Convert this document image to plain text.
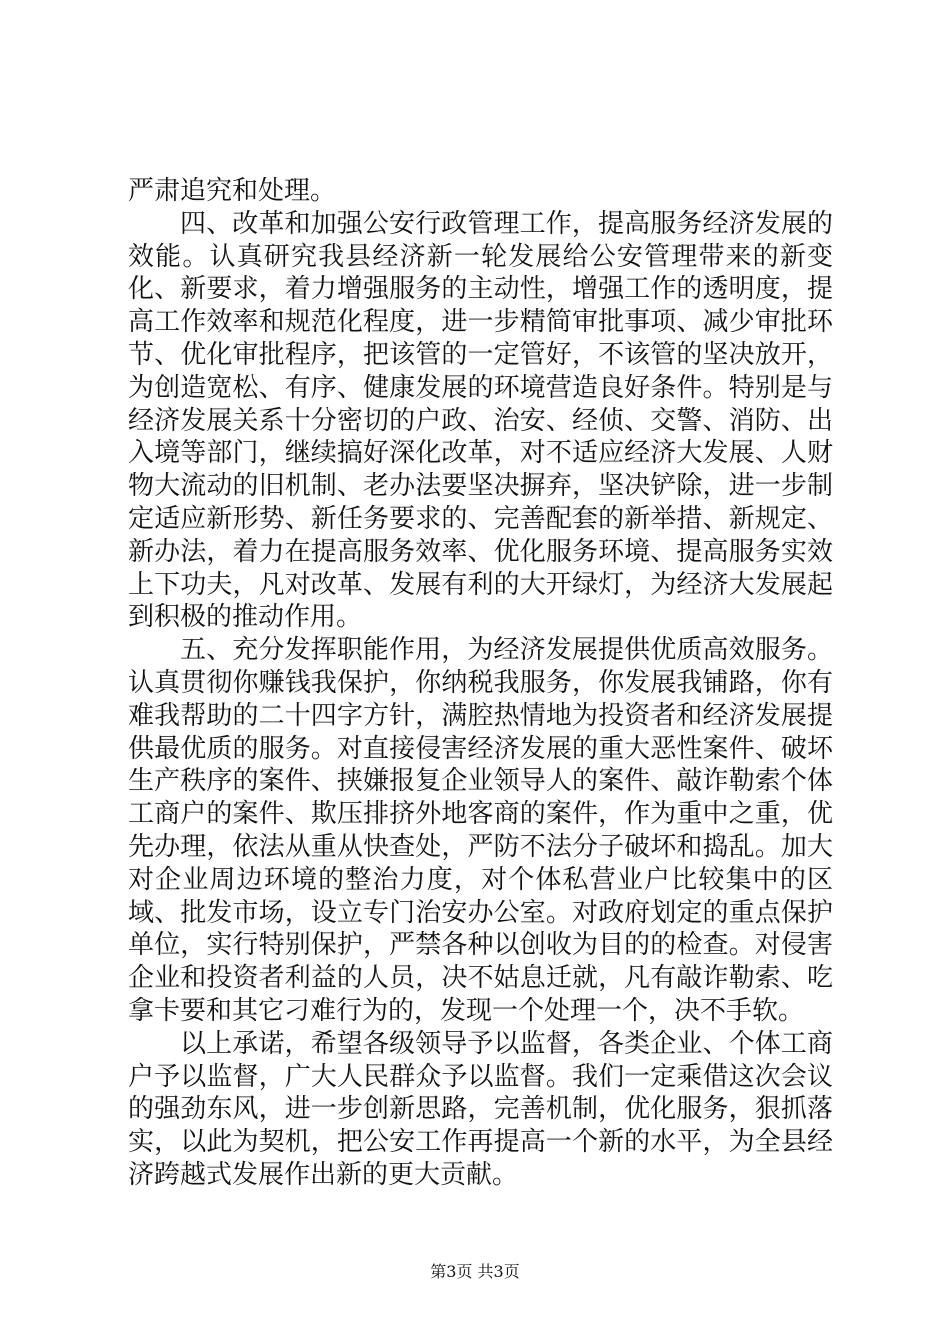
严肃追究和处理。

四、改革和加强公安行政管理工作，提高服务经济发展的效能。认真研究我县经济新一轮发展给公安管理带来的新变化、新要求，着力增强服务的主动性，增强工作的透明度，提高工作效率和规范化程度，进一步精简审批事项、减少审批环节、优化审批程序，把该管的一定管好，不该管的坚决放开，为创造宽松、有序、健康发展的环境营造良好条件。特别是与经济发展关系十分密切的户政、治安、经侦、交警、消防、出入境等部门，继续搞好深化改革，对不适应经济大发展、人财物大流动的旧机制、老办法要坚决摒弃，坚决铲除，进一步制定适应新形势、新任务要求的、完善配套的新举措、新规定、新办法，着力在提高服务效率、优化服务环境、提高服务实效上下功夫，凡对改革、发展有利的大开绿灯，为经济大发展起到积极的推动作用。

五、充分发挥职能作用，为经济发展提供优质高效服务。认真贯彻你赚钱我保护，你纳税我服务，你发展我铺路，你有难我帮助的二十四字方针，满腔热情地为投资者和经济发展提供最优质的服务。对直接侵害经济发展的重大恶性案件、破坏生产秩序的案件、挟嫌报复企业领导人的案件、敲诈勒索个体工商户的案件、欺压排挤外地客商的案件，作为重中之重，优先办理，依法从重从快查处，严防不法分子破坏和捣乱。加大对企业周边环境的整治力度，对个体私营业户比较集中的区域、批发市场，设立专门治安办公室。对政府划定的重点保护单位，实行特别保护，严禁各种以创收为目的的检查。对侵害企业和投资者利益的人员，决不姑息迁就，凡有敲诈勒索、吃拿卡要和其它刁难行为的，发现一个处理一个，决不手软。

以上承诺，希望各级领导予以监督，各类企业、个体工商户予以监督，广大人民群众予以监督。我们一定乘借这次会议的强劲东风，进一步创新思路，完善机制，优化服务，狠抓落实，以此为契机，把公安工作再提高一个新的水平，为全县经济跨越式发展作出新的更大贡献。

第3页 共3页
